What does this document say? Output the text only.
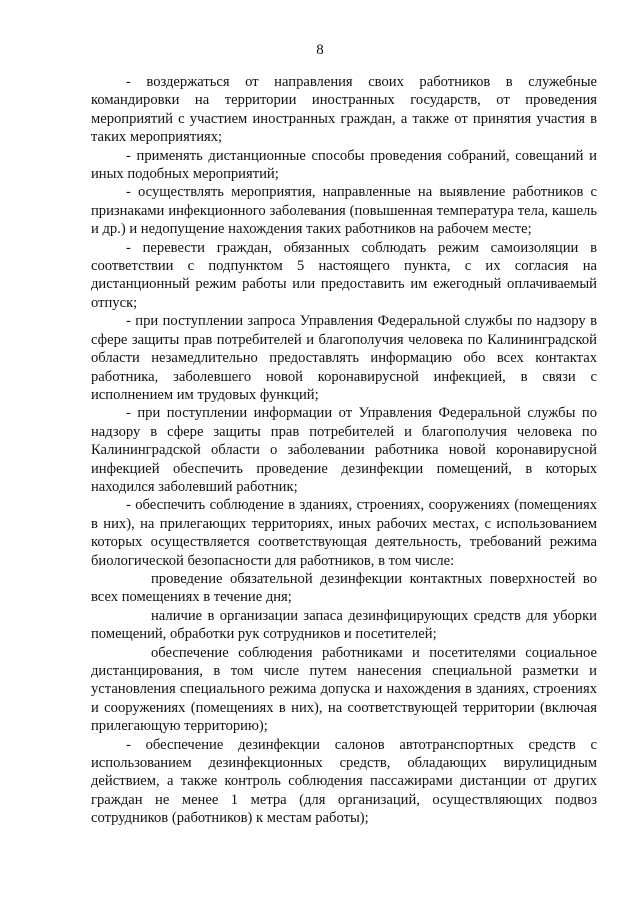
8

- воздержаться от направления своих работников в служебные командировки на территории иностранных государств, от проведения мероприятий с участием иностранных граждан, а также от принятия участия в таких мероприятиях;

- применять дистанционные способы проведения собраний, совещаний и иных подобных мероприятий;

- осуществлять мероприятия, направленные на выявление работников с признаками инфекционного заболевания (повышенная температура тела, кашель и др.) и недопущение нахождения таких работников на рабочем месте;

- перевести граждан, обязанных соблюдать режим самоизоляции в соответствии с подпунктом 5 настоящего пункта, с их согласия на дистанционный режим работы или предоставить им ежегодный оплачиваемый отпуск;

- при поступлении запроса Управления Федеральной службы по надзору в сфере защиты прав потребителей и благополучия человека по Калининградской области незамедлительно предоставлять информацию обо всех контактах работника, заболевшего новой коронавирусной инфекцией, в связи с исполнением им трудовых функций;

- при поступлении информации от Управления Федеральной службы по надзору в сфере защиты прав потребителей и благополучия человека по Калининградской области о заболевании работника новой коронавирусной инфекцией обеспечить проведение дезинфекции помещений, в которых находился заболевший работник;

- обеспечить соблюдение в зданиях, строениях, сооружениях (помещениях в них), на прилегающих территориях, иных рабочих местах, с использованием которых осуществляется соответствующая деятельность, требований режима биологической безопасности для работников, в том числе:

проведение обязательной дезинфекции контактных поверхностей во всех помещениях в течение дня;

наличие в организации запаса дезинфицирующих средств для уборки помещений, обработки рук сотрудников и посетителей;

обеспечение соблюдения работниками и посетителями социальное дистанцирования, в том числе путем нанесения специальной разметки и установления специального режима допуска и нахождения в зданиях, строениях и сооружениях (помещениях в них), на соответствующей территории (включая прилегающую территорию);

- обеспечение дезинфекции салонов автотранспортных средств с использованием дезинфекционных средств, обладающих вирулицидным действием, а также контроль соблюдения пассажирами дистанции от других граждан не менее 1 метра (для организаций, осуществляющих подвоз сотрудников (работников) к местам работы);
